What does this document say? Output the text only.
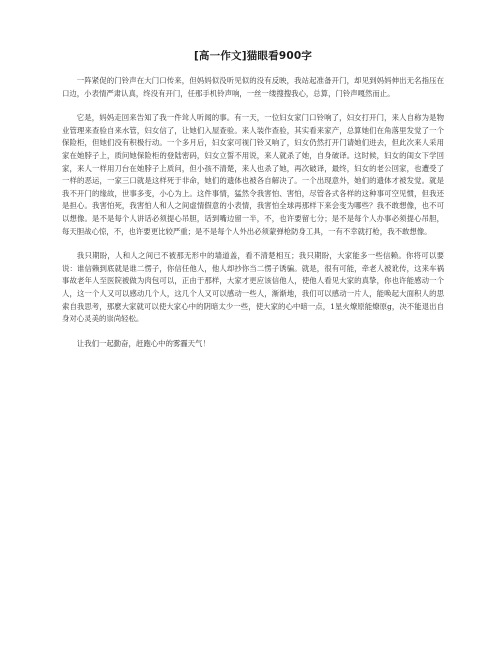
[高一作文]猫眼看900字

一阵紧促的门铃声在大门口传来，但妈妈似没听见似的没有反映，我站起准备开门，却见到妈妈伸出无名指压在口边，小表情严肃认真，终没有开门，任那手机铃声响，一丝一缕搜搜我心，总算，门铃声嘎然而止。

它是，妈妈走回来告知了我一件耸人听闻的事。有一天，一位妇女家门口铃响了，妇女打开门，来人自称为是物业管理来查验自来水管，妇女信了，让她们入屋查验。来人装作查验，其实看来家产，总算她们在角落里发觉了一个保险柜，但她们没有积极行动。一个多月后，妇女家可视门铃又响了，妇女仍然打开门请她们进去，但此次来人采用家在她脖子上，质问她保险柜的登陆密码，妇女立誓不用说，来人就杀了她，自身破译。这时候，妇女的闺女下学回家，来人一样用刀台在她脖子上质问，但小孩不清楚，来人也杀了她，再次破译，最终，妇女的老公回家，也遭受了一样的恶运，一家三口就是这样死于非命，她们的遗体也被各自解决了。一个出现意外，她们的遗体才被发觉。就是我不开门的缘故，世事多变，小心为上。这件事情，猛然令我害怕、害怕，尽管各式各样的这种事可空见惯，但我还是担心。我害怕死，我害怕人和人之间虚情假意的小表情，我害怕全球再那样下来会变为哪些？我不敢想像，也不可以想像。是不是每个人讲话必须提心吊胆，话到嘴边留一半，不，也许要留七分；是不是每个人办事必须提心吊胆，每天胆战心惊，不，也许要更比较严重；是不是每个人外出必须蒙弹枪防身工具，一有不幸就打枪，我不敢想像。

我只期盼，人和人之间已不被那无形中的墙道盖，看不清楚相互；我只期盼，大家能多一些信赖。你将可以要说：谁信赖到底就是谁二愣子，你信任他人，他人却抄你当二愣子诱骗。就是，很有可能，牵老人被讹传，这来车祸事故老年人至医院被做为肉包可以，正由于那样，大家才更应该信他人，使他人看见大家的真挚，你也许能感动一个人，这一个人又可以感动几个人，这几个人又可以感动一些人，渐渐地，我们可以感动一片人，能唤起大面积人的思索自我思考，那麽大家就可以使大家心中的阴暗太少一些，使大家的心中暗一点，1星火燎原能燎原g，决不能退出自身对心灵美的崇尚轻松。

让我们一起勤奋，赶跑心中的雾霾天气！
